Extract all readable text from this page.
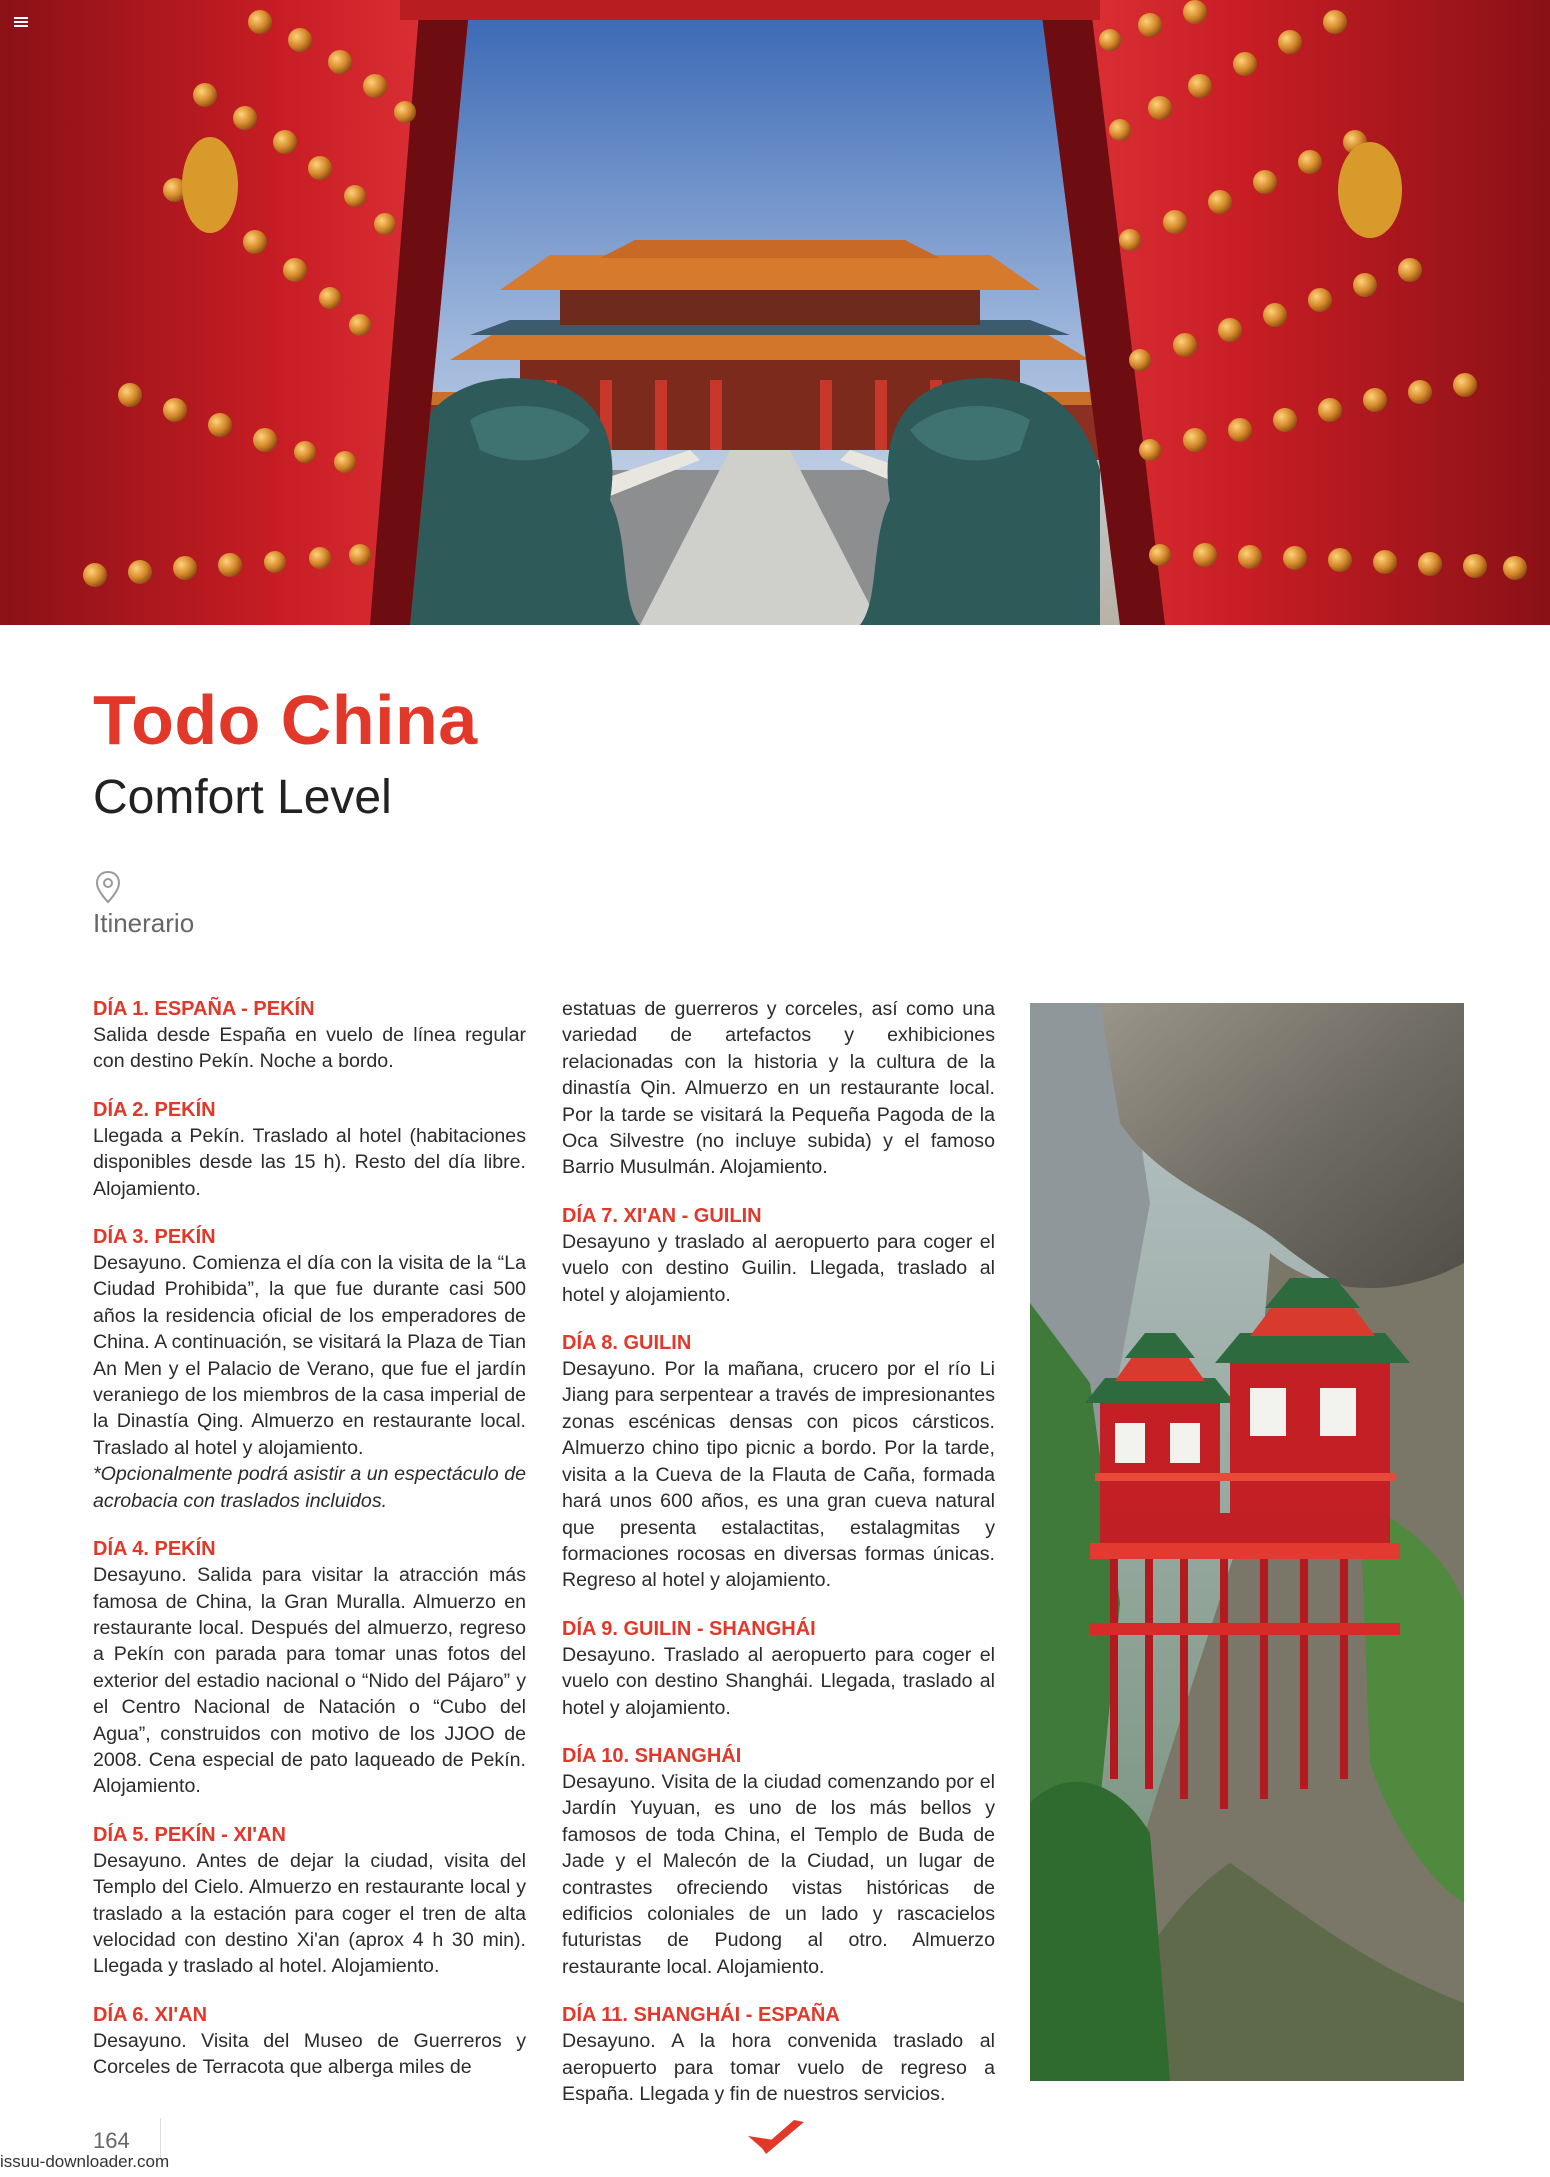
Todo China
Comfort Level
Itinerario
DÍA 1. ESPAÑA - PEKÍN

Salida desde España en vuelo de línea regular con destino Pekín. Noche a bordo.

DÍA 2. PEKÍN

Llegada a Pekín. Traslado al hotel (habitaciones disponibles desde las 15 h). Resto del día libre. Alojamiento.

DÍA 3. PEKÍN

Desayuno. Comienza el día con la visita de la “La Ciudad Prohibida”, la que fue durante casi 500 años la residencia oficial de los emperadores de China. A continuación, se visitará la Plaza de Tian An Men y el Palacio de Verano, que fue el jardín veraniego de los miembros de la casa imperial de la Dinastía Qing. Almuerzo en restaurante local. Traslado al hotel y alojamiento.

*Opcionalmente podrá asistir a un espectáculo de acrobacia con traslados incluidos.

DÍA 4. PEKÍN

Desayuno. Salida para visitar la atracción más famosa de China, la Gran Muralla. Almuerzo en restaurante local. Después del almuerzo, regreso a Pekín con parada para tomar unas fotos del exterior del estadio nacional o “Nido del Pájaro” y el Centro Nacional de Natación o “Cubo del Agua”, construidos con motivo de los JJOO de 2008. Cena especial de pato laqueado de Pekín. Alojamiento.

DÍA 5. PEKÍN - XI'AN

Desayuno. Antes de dejar la ciudad, visita del Templo del Cielo. Almuerzo en restaurante local y traslado a la estación para coger el tren de alta velocidad con destino Xi'an (aprox 4 h 30 min). Llegada y traslado al hotel. Alojamiento.

DÍA 6. XI'AN

Desayuno. Visita del Museo de Guerreros y Corceles de Terracota que alberga miles de

estatuas de guerreros y corceles, así como una variedad de artefactos y exhibiciones relacionadas con la historia y la cultura de la dinastía Qin. Almuerzo en un restaurante local. Por la tarde se visitará la Pequeña Pagoda de la Oca Silvestre (no incluye subida) y el famoso Barrio Musulmán. Alojamiento.

DÍA 7. XI'AN - GUILIN

Desayuno y traslado al aeropuerto para coger el vuelo con destino Guilin. Llegada, traslado al hotel y alojamiento.

DÍA 8. GUILIN

Desayuno. Por la mañana, crucero por el río Li Jiang para serpentear a través de impresionantes zonas escénicas densas con picos cársticos. Almuerzo chino tipo picnic a bordo. Por la tarde, visita a la Cueva de la Flauta de Caña, formada hará unos 600 años, es una gran cueva natural que presenta estalactitas, estalagmitas y formaciones rocosas en diversas formas únicas. Regreso al hotel y alojamiento.

DÍA 9. GUILIN - SHANGHÁI

Desayuno. Traslado al aeropuerto para coger el vuelo con destino Shanghái. Llegada, traslado al hotel y alojamiento.

DÍA 10. SHANGHÁI

Desayuno. Visita de la ciudad comenzando por el Jardín Yuyuan, es uno de los más bellos y famosos de toda China, el Templo de Buda de Jade y el Malecón de la Ciudad, un lugar de contrastes ofreciendo vistas históricas de edificios coloniales de un lado y rascacielos futuristas de Pudong al otro. Almuerzo restaurante local. Alojamiento.

DÍA 11. SHANGHÁI - ESPAÑA

Desayuno. A la hora convenida traslado al aeropuerto para tomar vuelo de regreso a España. Llegada y fin de nuestros servicios.

164
issuu-downloader.com
